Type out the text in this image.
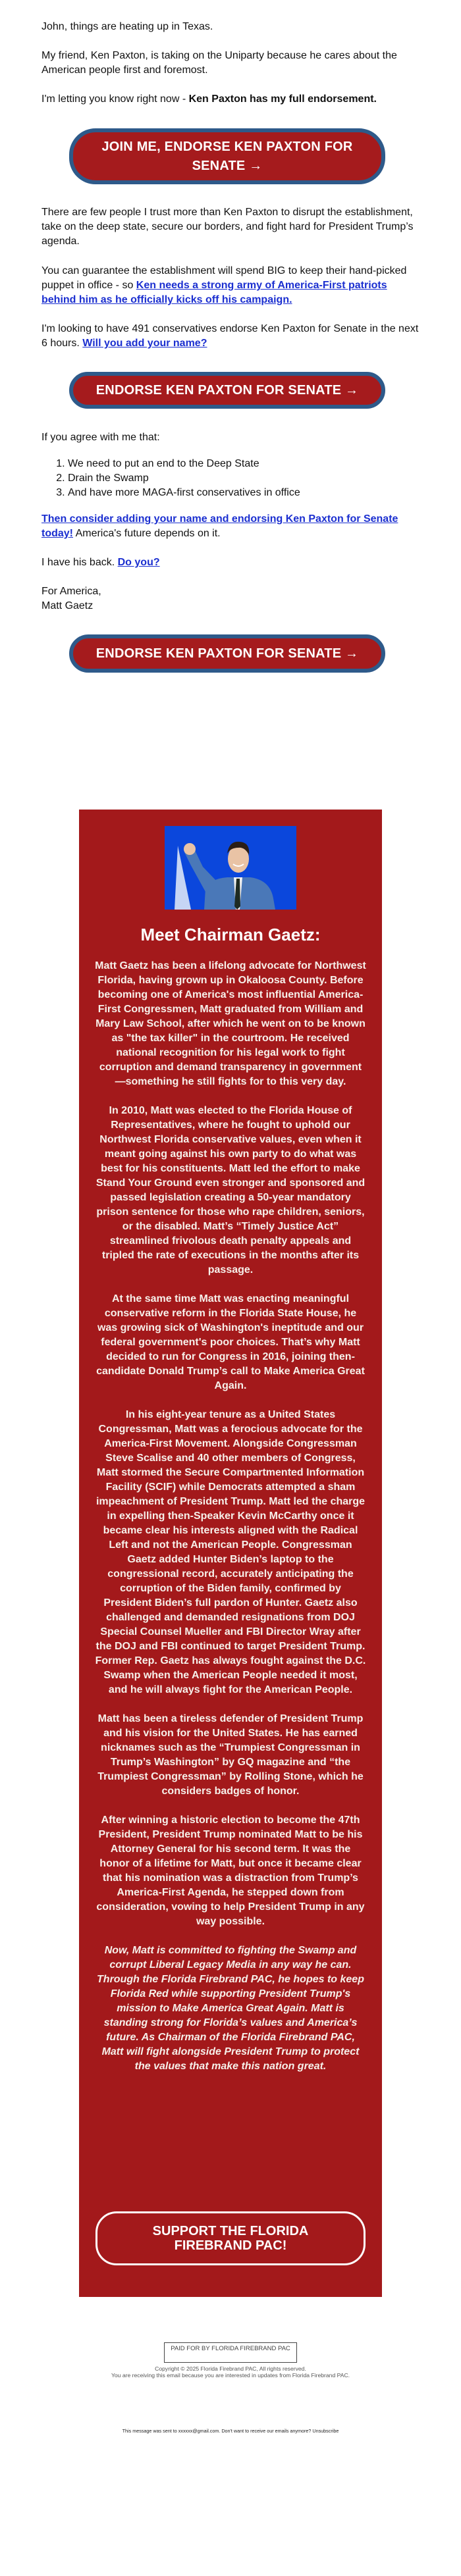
John, things are heating up in Texas.
My friend, Ken Paxton, is taking on the Uniparty because he cares about the American people first and foremost.
I'm letting you know right now - Ken Paxton has my full endorsement.
JOIN ME, ENDORSE KEN PAXTON FOR SENATE →
There are few people I trust more than Ken Paxton to disrupt the establishment, take on the deep state, secure our borders, and fight hard for President Trump’s agenda.
You can guarantee the establishment will spend BIG to keep their hand-picked puppet in office - so Ken needs a strong army of America-First patriots behind him as he officially kicks off his campaign.
I'm looking to have 491 conservatives endorse Ken Paxton for Senate in the next 6 hours. Will you add your name?
ENDORSE KEN PAXTON FOR SENATE →
If you agree with me that:
1. We need to put an end to the Deep State
2. Drain the Swamp
3. And have more MAGA-first conservatives in office
Then consider adding your name and endorsing Ken Paxton for Senate today! America's future depends on it.
I have his back. Do you?
For America,
Matt Gaetz
ENDORSE KEN PAXTON FOR SENATE →
Meet Chairman Gaetz:

Matt Gaetz has been a lifelong advocate for Northwest Florida, having grown up in Okaloosa County. Before becoming one of America's most influential America-First Congressmen, Matt graduated from William and Mary Law School, after which he went on to be known as "the tax killer" in the courtroom. He received national recognition for his legal work to fight corruption and demand transparency in government—something he still fights for to this very day.

In 2010, Matt was elected to the Florida House of Representatives, where he fought to uphold our Northwest Florida conservative values, even when it meant going against his own party to do what was best for his constituents. Matt led the effort to make Stand Your Ground even stronger and sponsored and passed legislation creating a 50-year mandatory prison sentence for those who rape children, seniors, or the disabled. Matt’s “Timely Justice Act” streamlined frivolous death penalty appeals and tripled the rate of executions in the months after its passage.

At the same time Matt was enacting meaningful conservative reform in the Florida State House, he was growing sick of Washington's ineptitude and our federal government's poor choices. That’s why Matt decided to run for Congress in 2016, joining then-candidate Donald Trump’s call to Make America Great Again.

In his eight-year tenure as a United States Congressman, Matt was a ferocious advocate for the America-First Movement. Alongside Congressman Steve Scalise and 40 other members of Congress, Matt stormed the Secure Compartmented Information Facility (SCIF) while Democrats attempted a sham impeachment of President Trump. Matt led the charge in expelling then-Speaker Kevin McCarthy once it became clear his interests aligned with the Radical Left and not the American People. Congressman Gaetz added Hunter Biden’s laptop to the congressional record, accurately anticipating the corruption of the Biden family, confirmed by President Biden’s full pardon of Hunter. Gaetz also challenged and demanded resignations from DOJ Special Counsel Mueller and FBI Director Wray after the DOJ and FBI continued to target President Trump. Former Rep. Gaetz has always fought against the D.C. Swamp when the American People needed it most, and he will always fight for the American People.

Matt has been a tireless defender of President Trump and his vision for the United States. He has earned nicknames such as the “Trumpiest Congressman in Trump’s Washington” by GQ magazine and “the Trumpiest Congressman” by Rolling Stone, which he considers badges of honor.

After winning a historic election to become the 47th President, President Trump nominated Matt to be his Attorney General for his second term. It was the honor of a lifetime for Matt, but once it became clear that his nomination was a distraction from Trump’s America-First Agenda, he stepped down from consideration, vowing to help President Trump in any way possible.

Now, Matt is committed to fighting the Swamp and corrupt Liberal Legacy Media in any way he can. Through the Florida Firebrand PAC, he hopes to keep Florida Red while supporting President Trump's mission to Make America Great Again. Matt is standing strong for Florida’s values and America’s future. As Chairman of the Florida Firebrand PAC, Matt will fight alongside President Trump to protect the values that make this nation great.

SUPPORT THE FLORIDA FIREBRAND PAC!
PAID FOR BY FLORIDA FIREBRAND PAC
Copyright © 2025 Florida Firebrand PAC, All rights reserved.
You are receiving this email because you are interested in updates from Florida Firebrand PAC.
This message was sent to xxxxxx@gmail.com. Don't want to receive our emails anymore? Unsubscribe
